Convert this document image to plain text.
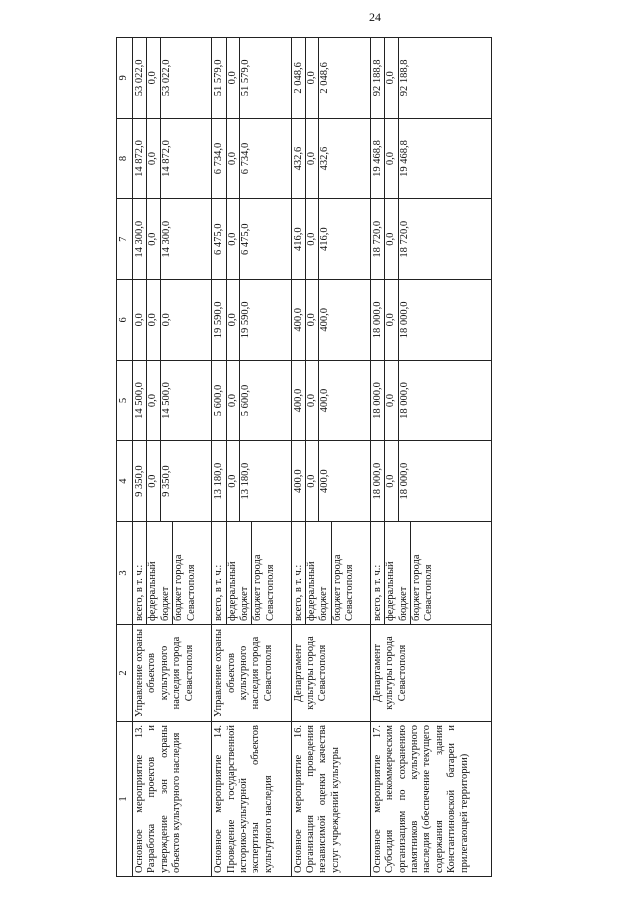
24
1	2	3	4	5	6	7	8	9
Основное мероприятие 13. Разработка проектов и утверждение зон охраны объектов культурного наследия	Управление охраны объектов культурного наследия города Севастополя	всего, в т. ч.: федеральный бюджет бюджет города Севастополя	9 350,0 0,0 9 350,0	14 500,0 0,0 14 500,0	0,0 0,0 0,0	14 300,0 0,0 14 300,0	14 872,0 0,0 14 872,0	53 022,0 0,0 53 022,0

Основное мероприятие 14. Проведение государственной историко-культурной экспертизы объектов культурного наследия	Управление охраны объектов культурного наследия города Севастополя	всего, в т. ч.: федеральный бюджет бюджет города Севастополя	13 180,0 0,0 13 180,0	5 600,0 0,0 5 600,0	19 590,0 0,0 19 590,0	6 475,0 0,0 6 475,0	6 734,0 0,0 6 734,0	51 579,0 0,0 51 579,0

Основное мероприятие 16. Организация проведения независимой оценки качества услуг учреждений культуры	Департамент культуры города Севастополя	всего, в т. ч.: федеральный бюджет бюджет города Севастополя	400,0 0,0 400,0	400,0 0,0 400,0	400,0 0,0 400,0	416,0 0,0 416,0	432,6 0,0 432,6	2 048,6 0,0 2 048,6

Основное мероприятие 17. Субсидия некоммерческим организациям по сохранению памятников культурного наследия (обеспечение текущего содержания здания Константиновской батареи и прилегающей территории)	Департамент культуры города Севастополя	всего, в т. ч.: федеральный бюджет бюджет города Севастополя	18 000,0 0,0 18 000,0	18 000,0 0,0 18 000,0	18 000,0 0,0 18 000,0	18 720,0 0,0 18 720,0	19 468,8 0,0 19 468,8	92 188,8 0,0 92 188,8
